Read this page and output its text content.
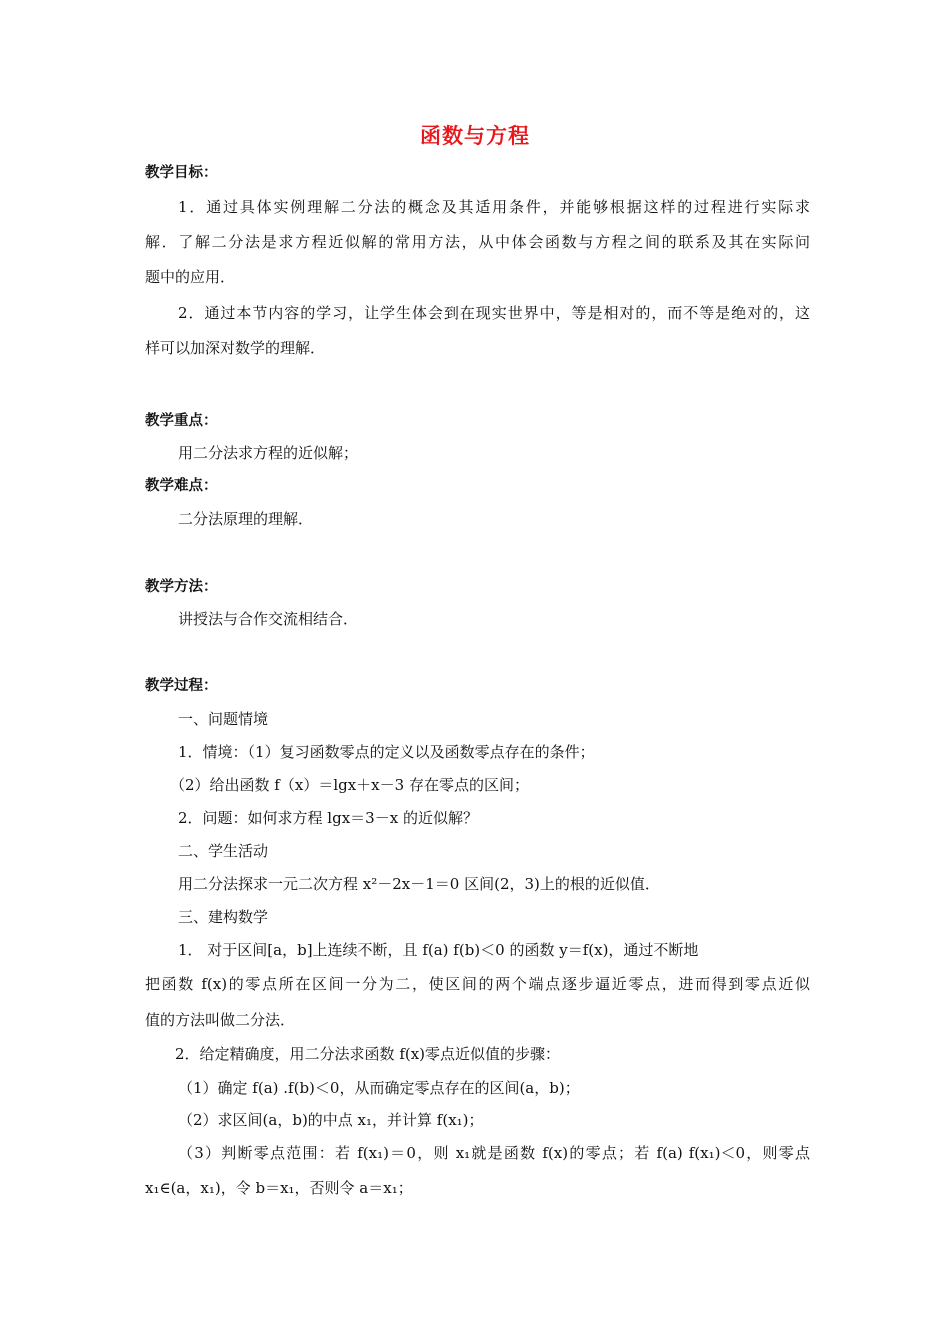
函数与方程

教学目标：

1．通过具体实例理解二分法的概念及其适用条件，并能够根据这样的过程进行实际求

解．了解二分法是求方程近似解的常用方法，从中体会函数与方程之间的联系及其在实际问

题中的应用．

2．通过本节内容的学习，让学生体会到在现实世界中，等是相对的，而不等是绝对的，这

样可以加深对数学的理解．

教学重点：

用二分法求方程的近似解；

教学难点：

二分法原理的理解．

教学方法：

讲授法与合作交流相结合．

教学过程：

一、问题情境

1．情境：（1）复习函数零点的定义以及函数零点存在的条件；

（2）给出函数 f（x）＝lgx＋x－3 存在零点的区间；

2．问题：如何求方程 lgx＝3－x 的近似解？

二、学生活动

用二分法探求一元二次方程 x²－2x－1＝0 区间(2，3)上的根的近似值．

三、建构数学

1． 对于区间[a，b]上连续不断，且 f(a) f(b)＜0 的函数 y＝f(x)，通过不断地

把函数 f(x)的零点所在区间一分为二，使区间的两个端点逐步逼近零点，进而得到零点近似

值的方法叫做二分法．

2．给定精确度，用二分法求函数 f(x)零点近似值的步骤：

（1）确定 f(a) .f(b)＜0，从而确定零点存在的区间(a，b)；

（2）求区间(a，b)的中点 x₁，并计算 f(x₁)；

（3）判断零点范围：若 f(x₁)＝0，则 x₁就是函数 f(x)的零点；若 f(a) f(x₁)＜0，则零点

x₁∈(a，x₁)，令 b＝x₁，否则令 a＝x₁；
